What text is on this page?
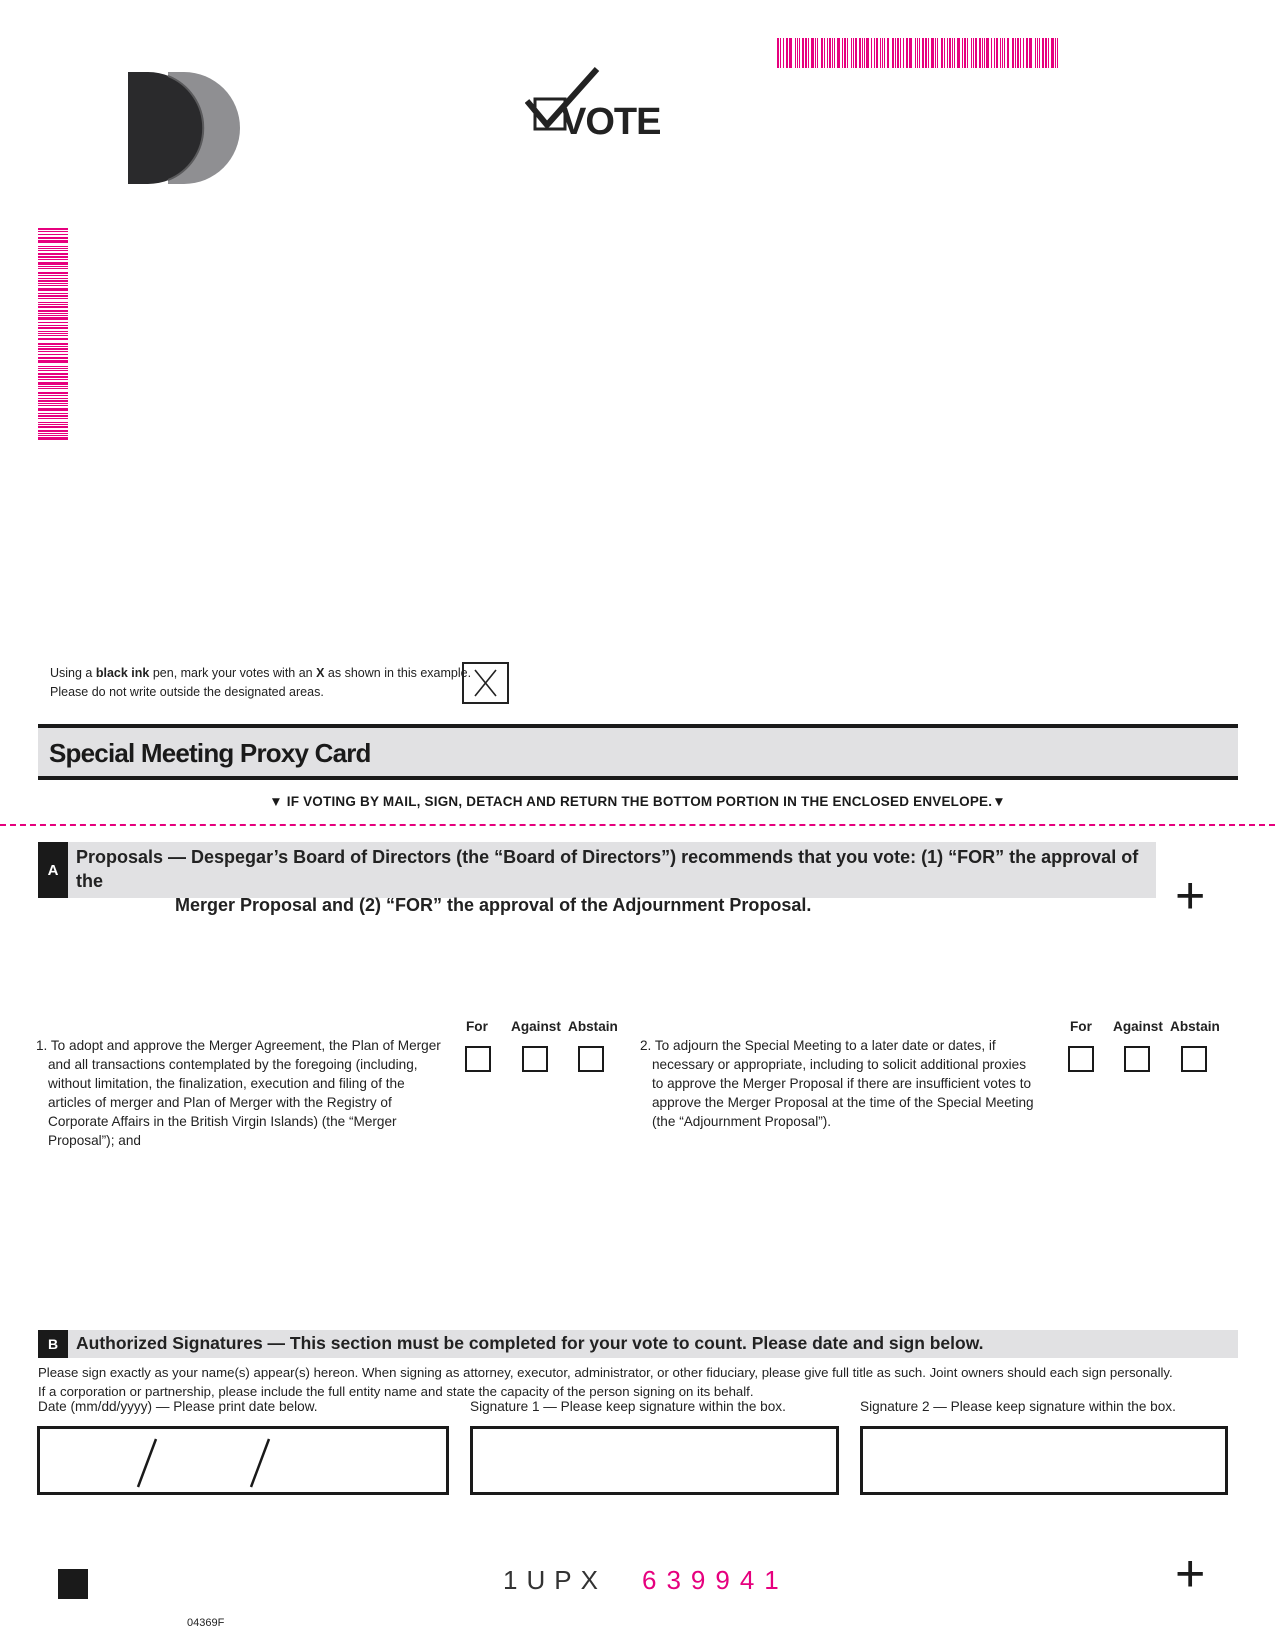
VOTE
Using a black ink pen, mark your votes with an X as shown in this example.
Please do not write outside the designated areas.
Special Meeting Proxy Card
▼ IF VOTING BY MAIL, SIGN, DETACH AND RETURN THE BOTTOM PORTION IN THE ENCLOSED ENVELOPE.▼
A
Proposals — Despegar’s Board of Directors (the “Board of Directors”) recommends that you vote: (1) “FOR” the approval of the
Merger Proposal and (2) “FOR” the approval of the Adjournment Proposal.	+
1. To adopt and approve the Merger Agreement, the Plan of Merger
and all transactions contemplated by the foregoing (including,
without limitation, the finalization, execution and filing of the
articles of merger and Plan of Merger with the Registry of
Corporate Affairs in the British Virgin Islands) (the “Merger
Proposal”); and
For Against Abstain
2. To adjourn the Special Meeting to a later date or dates, if
necessary or appropriate, including to solicit additional proxies
to approve the Merger Proposal if there are insufficient votes to
approve the Merger Proposal at the time of the Special Meeting
(the “Adjournment Proposal”).
For Against Abstain
B	Authorized Signatures — This section must be completed for your vote to count. Please date and sign below.
Please sign exactly as your name(s) appear(s) hereon. When signing as attorney, executor, administrator, or other fiduciary, please give full title as such. Joint owners should each sign personally.
If a corporation or partnership, please include the full entity name and state the capacity of the person signing on its behalf.
Date (mm/dd/yyyy) — Please print date below.	Signature 1 — Please keep signature within the box.	Signature 2 — Please keep signature within the box.
1UPX 639941	+
04369F
